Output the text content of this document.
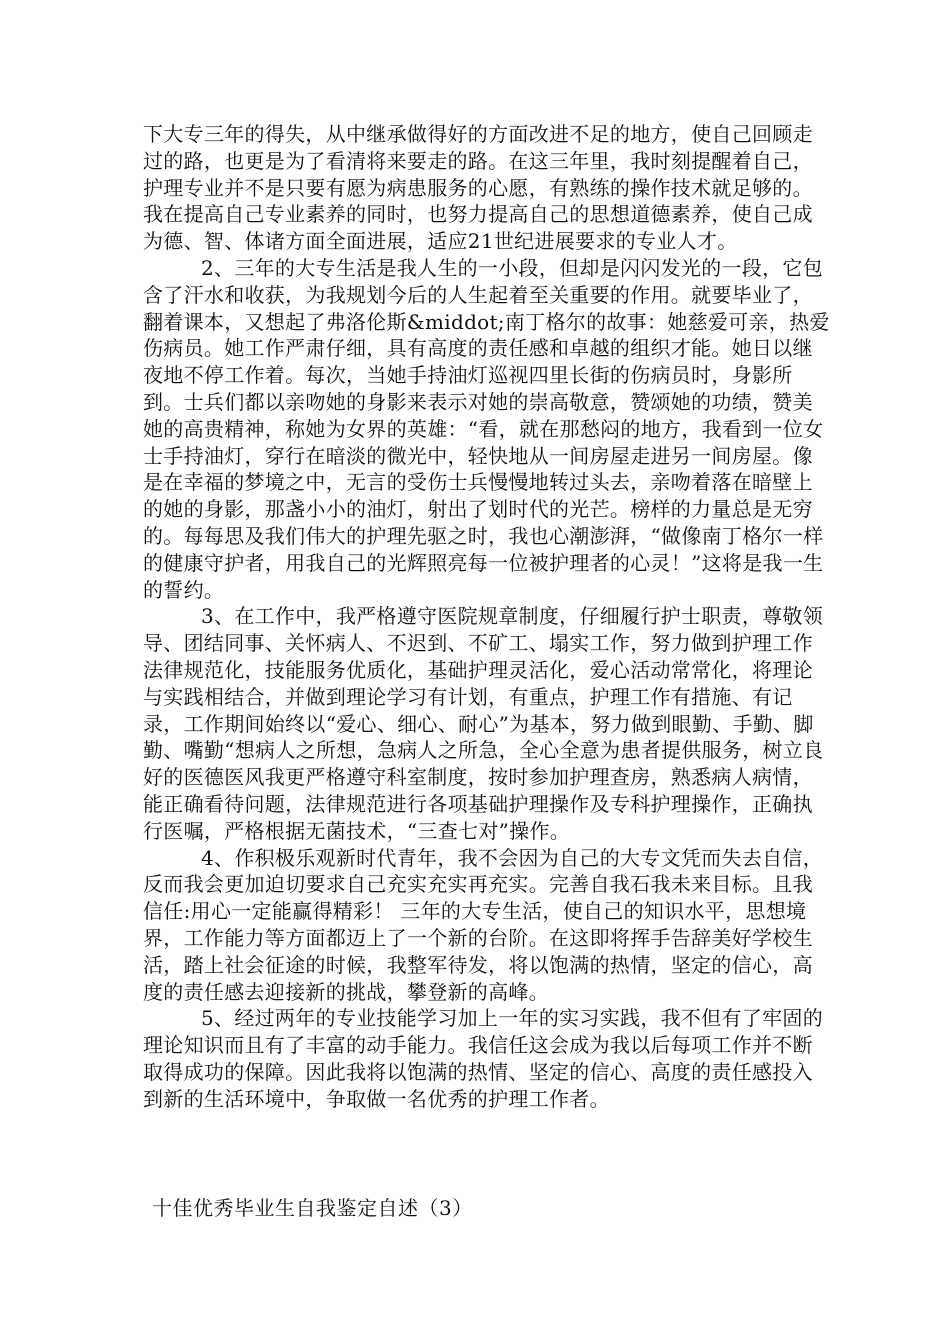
下大专三年的得失，从中继承做得好的方面改进不足的地方，使自己回顾走过的路，也更是为了看清将来要走的路。在这三年里，我时刻提醒着自己，护理专业并不是只要有愿为病患服务的心愿，有熟练的操作技术就足够的。我在提高自己专业素养的同时，也努力提高自己的思想道德素养，使自己成为德、智、体诸方面全面进展，适应21世纪进展要求的专业人才。

2、三年的大专生活是我人生的一小段，但却是闪闪发光的一段，它包含了汗水和收获，为我规划今后的人生起着至关重要的作用。就要毕业了，翻着课本，又想起了弗洛伦斯&middot;南丁格尔的故事：她慈爱可亲，热爱伤病员。她工作严肃仔细，具有高度的责任感和卓越的组织才能。她日以继夜地不停工作着。每次，当她手持油灯巡视四里长街的伤病员时，身影所到。士兵们都以亲吻她的身影来表示对她的崇高敬意，赞颂她的功绩，赞美她的高贵精神，称她为女界的英雄：“看，就在那愁闷的地方，我看到一位女士手持油灯，穿行在暗淡的微光中，轻快地从一间房屋走进另一间房屋。像是在幸福的梦境之中，无言的受伤士兵慢慢地转过头去，亲吻着落在暗壁上的她的身影，那盏小小的油灯，射出了划时代的光芒。榜样的力量总是无穷的。每每思及我们伟大的护理先驱之时，我也心潮澎湃，“做像南丁格尔一样的健康守护者，用我自己的光辉照亮每一位被护理者的心灵！”这将是我一生的誓约。

3、在工作中，我严格遵守医院规章制度，仔细履行护士职责，尊敬领导、团结同事、关怀病人、不迟到、不矿工、塌实工作，努力做到护理工作法律规范化，技能服务优质化，基础护理灵活化，爱心活动常常化，将理论与实践相结合，并做到理论学习有计划，有重点，护理工作有措施、有记录，工作期间始终以“爱心、细心、耐心”为基本，努力做到眼勤、手勤、脚勤、嘴勤“想病人之所想，急病人之所急，全心全意为患者提供服务，树立良好的医德医风我更严格遵守科室制度，按时参加护理查房，熟悉病人病情，能正确看待问题，法律规范进行各项基础护理操作及专科护理操作，正确执行医嘱，严格根据无菌技术，“三查七对”操作。

4、作积极乐观新时代青年，我不会因为自己的大专文凭而失去自信，反而我会更加迫切要求自己充实充实再充实。完善自我石我未来目标。且我信任:用心一定能赢得精彩！ 三年的大专生活，使自己的知识水平，思想境界，工作能力等方面都迈上了一个新的台阶。在这即将挥手告辞美好学校生活，踏上社会征途的时候，我整军待发，将以饱满的热情，坚定的信心，高度的责任感去迎接新的挑战，攀登新的高峰。

5、经过两年的专业技能学习加上一年的实习实践，我不但有了牢固的理论知识而且有了丰富的动手能力。我信任这会成为我以后每项工作并不断取得成功的保障。因此我将以饱满的热情、坚定的信心、高度的责任感投入到新的生活环境中，争取做一名优秀的护理工作者。

十佳优秀毕业生自我鉴定自述（3）
